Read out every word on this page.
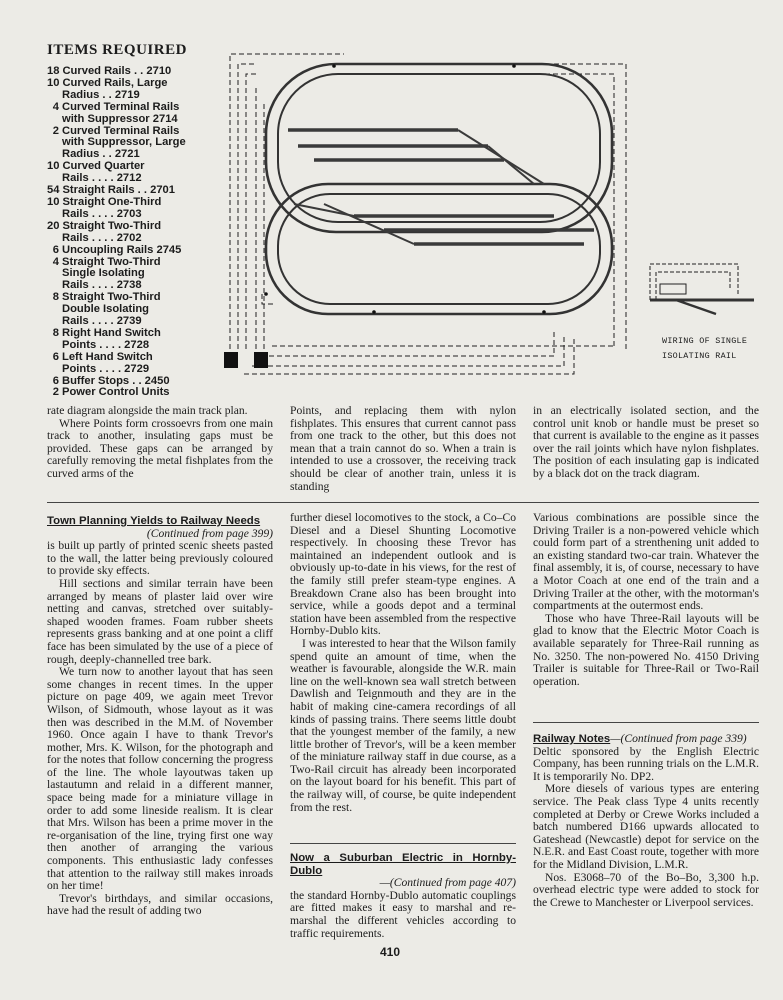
ITEMS REQUIRED
18 Curved Rails . . 2710
10 Curved Rails, Large
Radius . . 2719
4 Curved Terminal Rails
with Suppressor 2714
2 Curved Terminal Rails
with Suppressor, Large
Radius . . 2721
10 Curved Quarter
Rails . . . . 2712
54 Straight Rails . . 2701
10 Straight One-Third
Rails . . . . 2703
20 Straight Two-Third
Rails . . . . 2702
6 Uncoupling Rails 2745
4 Straight Two-Third
Single Isolating
Rails . . . . 2738
8 Straight Two-Third
Double Isolating
Rails . . . . 2739
8 Right Hand Switch
Points . . . . 2728
6 Left Hand Switch
Points . . . . 2729
6 Buffer Stops . . 2450
2 Power Control Units
WIRING OF SINGLE
ISOLATING RAIL

rate diagram alongside the main track plan.

Where Points form crossoevrs from one main track to another, insulating gaps must be provided. These gaps can be arranged by carefully removing the metal fishplates from the curved arms of the

Points, and replacing them with nylon fishplates. This ensures that current cannot pass from one track to the other, but this does not mean that a train cannot do so. When a train is intended to use a crossover, the receiving track should be clear of another train, unless it is standing

in an electrically isolated section, and the control unit knob or handle must be preset so that current is available to the engine as it passes over the rail joints which have nylon fishplates. The position of each insulating gap is indicated by a black dot on the track diagram.

Town Planning Yields to Railway Needs
(Continued from page 399)

is built up partly of printed scenic sheets pasted to the wall, the latter being previously coloured to provide sky effects.

Hill sections and similar terrain have been arranged by means of plaster laid over wire netting and canvas, stretched over suitably-shaped wooden frames. Foam rubber sheets represents grass banking and at one point a cliff face has been simulated by the use of a piece of rough, deeply-channelled tree bark.

We turn now to another layout that has seen some changes in recent times. In the upper picture on page 409, we again meet Trevor Wilson, of Sidmouth, whose layout as it was then was described in the M.M. of November 1960. Once again I have to thank Trevor's mother, Mrs. K. Wilson, for the photograph and for the notes that follow concerning the progress of the line. The whole layoutwas taken up lastautumn and relaid in a different manner, space being made for a miniature village in order to add some lineside realism. It is clear that Mrs. Wilson has been a prime mover in the re-organisation of the line, trying first one way then another of arranging the various components. This enthusiastic lady confesses that attention to the railway still makes inroads on her time!

Trevor's birthdays, and similar occasions, have had the result of adding two

further diesel locomotives to the stock, a Co–Co Diesel and a Diesel Shunting Locomotive respectively. In choosing these Trevor has maintained an independent outlook and is obviously up-to-date in his views, for the rest of the family still prefer steam-type engines. A Breakdown Crane also has been brought into service, while a goods depot and a terminal station have been assembled from the respective Hornby-Dublo kits.

I was interested to hear that the Wilson family spend quite an amount of time, when the weather is favourable, alongside the W.R. main line on the well-known sea wall stretch between Dawlish and Teignmouth and they are in the habit of making cine-camera recordings of all kinds of passing trains. There seems little doubt that the youngest member of the family, a new little brother of Trevor's, will be a keen member of the miniature railway staff in due course, as a Two-Rail circuit has already been incorporated on the layout board for his benefit. This part of the railway will, of course, be quite independent from the rest.

Now a Suburban Electric in Hornby-Dublo
—(Continued from page 407)

the standard Hornby-Dublo automatic couplings are fitted makes it easy to marshal and re-marshal the different vehicles according to traffic requirements.

Various combinations are possible since the Driving Trailer is a non-powered vehicle which could form part of a strenthening unit added to an existing standard two-car train. Whatever the final assembly, it is, of course, necessary to have a Motor Coach at one end of the train and a Driving Trailer at the other, with the motorman's compartments at the outermost ends.

Those who have Three-Rail layouts will be glad to know that the Electric Motor Coach is available separately for Three-Rail running as No. 3250. The non-powered No. 4150 Driving Trailer is suitable for Three-Rail or Two-Rail operation.

Railway Notes—(Continued from page 339)

Deltic sponsored by the English Electric Company, has been running trials on the L.M.R. It is temporarily No. DP2.

More diesels of various types are entering service. The Peak class Type 4 units recently completed at Derby or Crewe Works included a batch numbered D166 upwards allocated to Gateshead (Newcastle) depot for service on the N.E.R. and East Coast route, together with more for the Midland Division, L.M.R.

Nos. E3068–70 of the Bo–Bo, 3,300 h.p. overhead electric type were added to stock for the Crewe to Manchester or Liverpool services.

410
